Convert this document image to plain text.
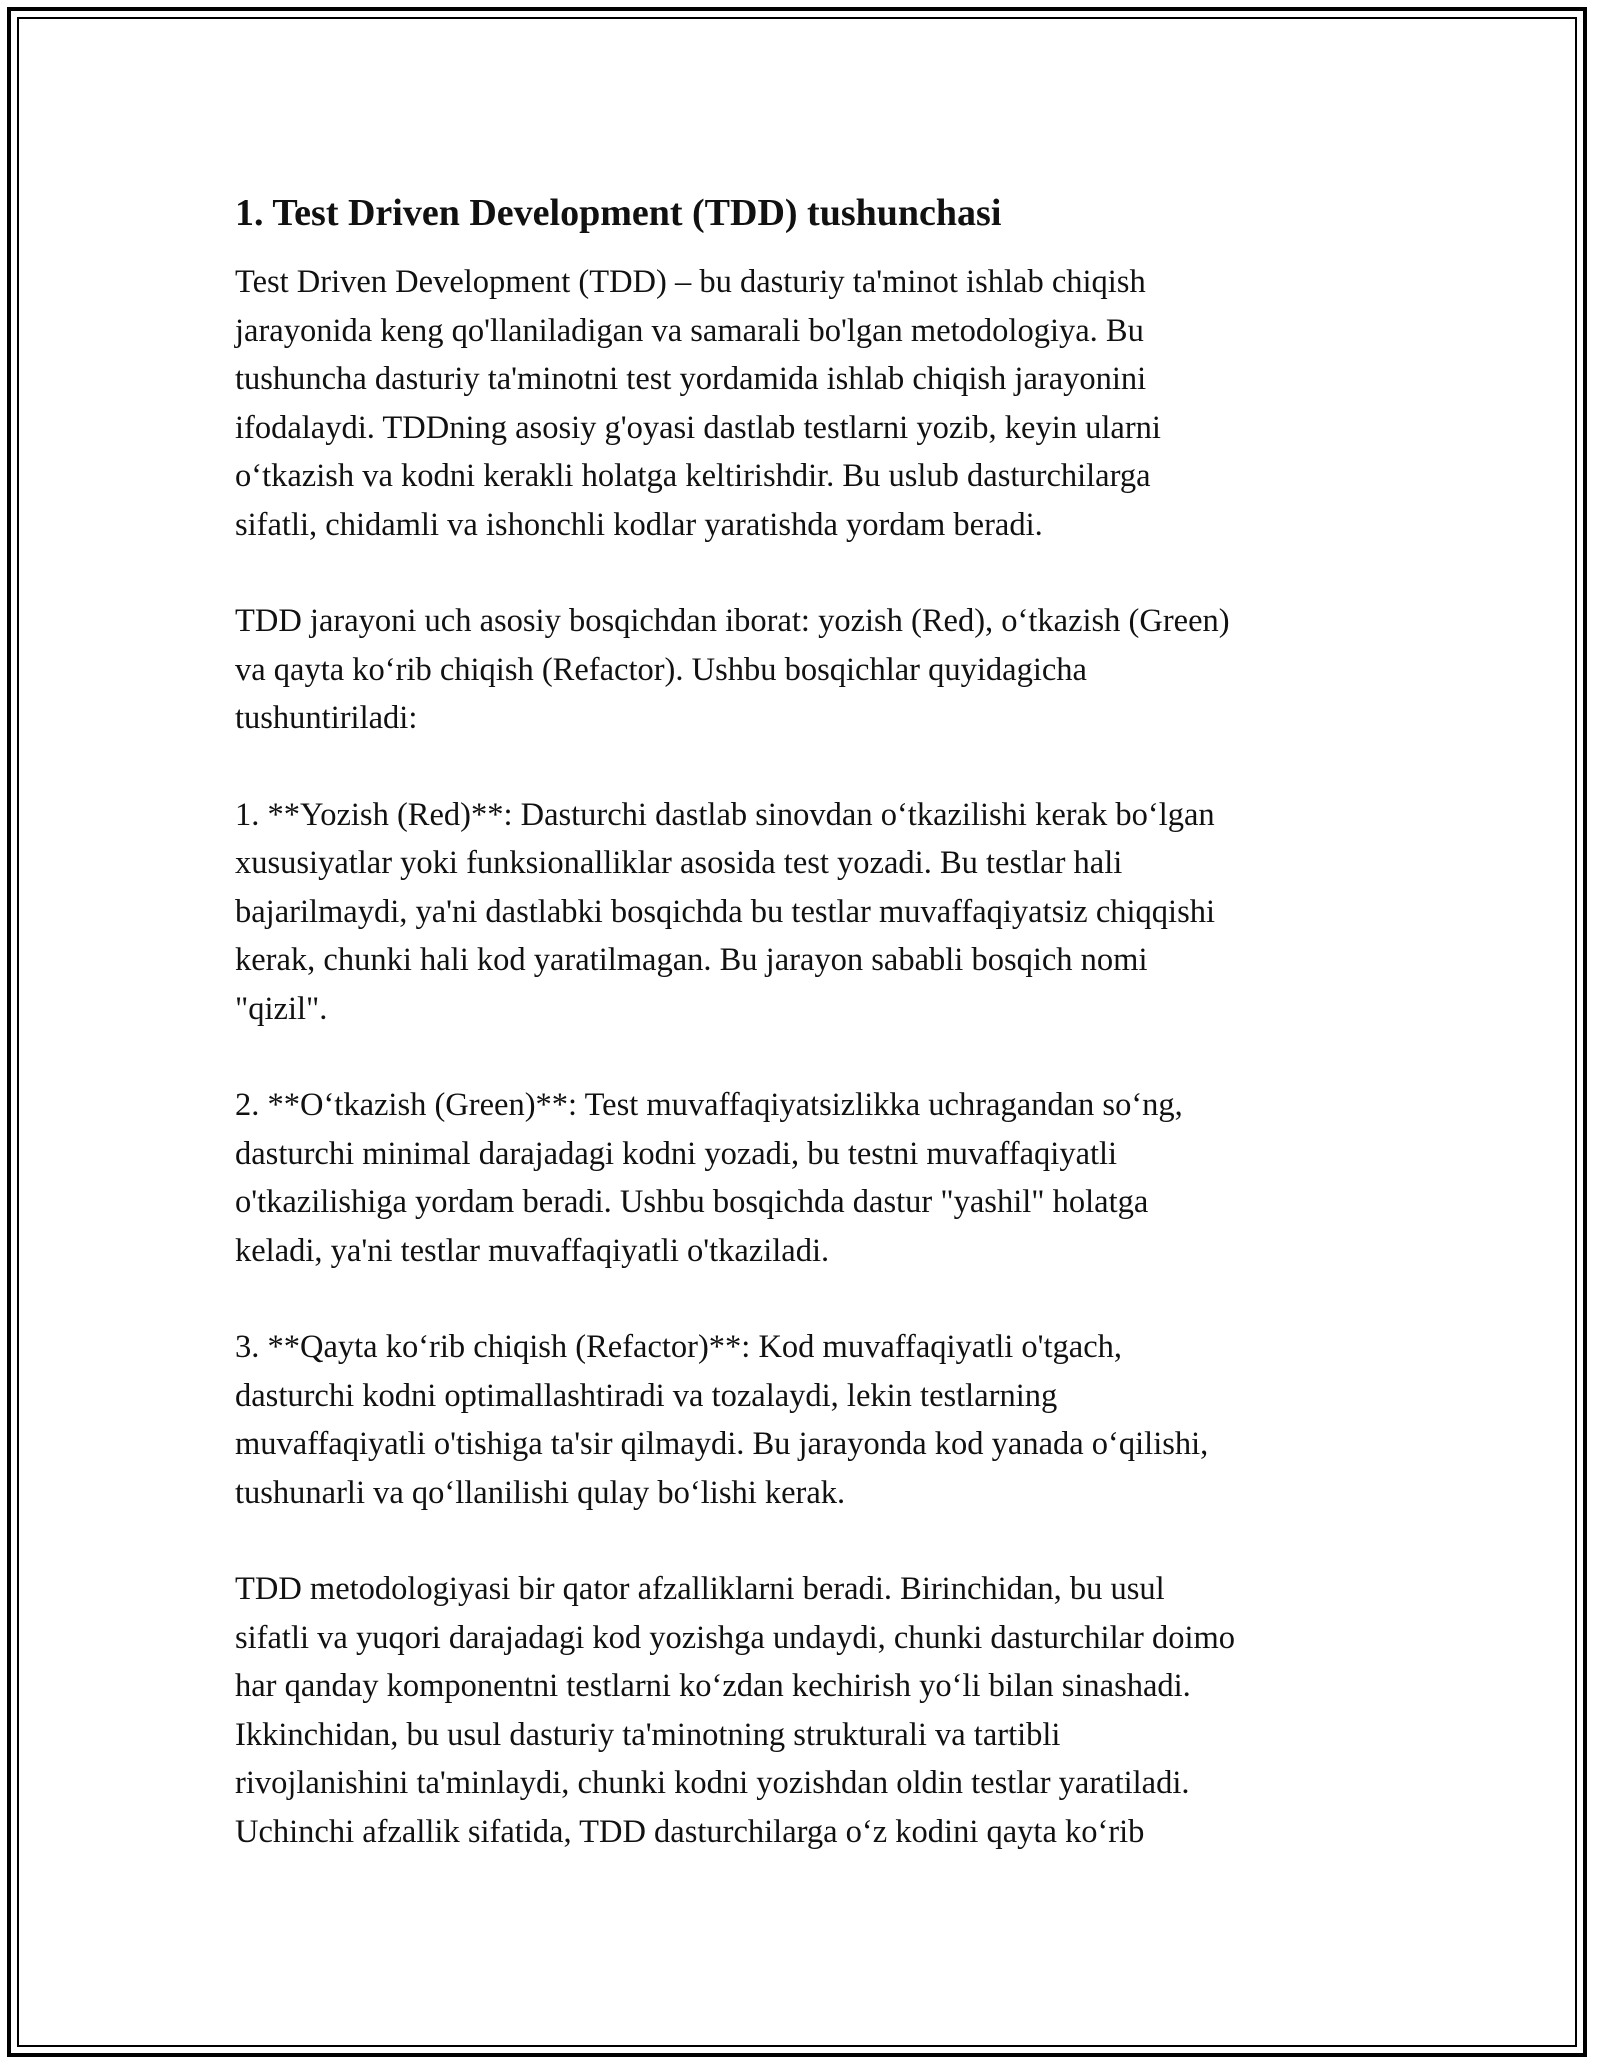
1. Test Driven Development (TDD) tushunchasi

Test Driven Development (TDD) – bu dasturiy ta'minot ishlab chiqish
jarayonida keng qo'llaniladigan va samarali bo'lgan metodologiya. Bu
tushuncha dasturiy ta'minotni test yordamida ishlab chiqish jarayonini
ifodalaydi. TDDning asosiy g'oyasi dastlab testlarni yozib, keyin ularni
o‘tkazish va kodni kerakli holatga keltirishdir. Bu uslub dasturchilarga
sifatli, chidamli va ishonchli kodlar yaratishda yordam beradi.

TDD jarayoni uch asosiy bosqichdan iborat: yozish (Red), o‘tkazish (Green)
va qayta ko‘rib chiqish (Refactor). Ushbu bosqichlar quyidagicha
tushuntiriladi:

1. **Yozish (Red)**: Dasturchi dastlab sinovdan o‘tkazilishi kerak bo‘lgan
xususiyatlar yoki funksionalliklar asosida test yozadi. Bu testlar hali
bajarilmaydi, ya'ni dastlabki bosqichda bu testlar muvaffaqiyatsiz chiqqishi
kerak, chunki hali kod yaratilmagan. Bu jarayon sababli bosqich nomi
"qizil".

2. **O‘tkazish (Green)**: Test muvaffaqiyatsizlikka uchragandan so‘ng,
dasturchi minimal darajadagi kodni yozadi, bu testni muvaffaqiyatli
o'tkazilishiga yordam beradi. Ushbu bosqichda dastur "yashil" holatga
keladi, ya'ni testlar muvaffaqiyatli o'tkaziladi.

3. **Qayta ko‘rib chiqish (Refactor)**: Kod muvaffaqiyatli o'tgach,
dasturchi kodni optimallashtiradi va tozalaydi, lekin testlarning
muvaffaqiyatli o'tishiga ta'sir qilmaydi. Bu jarayonda kod yanada o‘qilishi,
tushunarli va qo‘llanilishi qulay bo‘lishi kerak.

TDD metodologiyasi bir qator afzalliklarni beradi. Birinchidan, bu usul
sifatli va yuqori darajadagi kod yozishga undaydi, chunki dasturchilar doimo
har qanday komponentni testlarni ko‘zdan kechirish yo‘li bilan sinashadi.
Ikkinchidan, bu usul dasturiy ta'minotning strukturali va tartibli
rivojlanishini ta'minlaydi, chunki kodni yozishdan oldin testlar yaratiladi.
Uchinchi afzallik sifatida, TDD dasturchilarga o‘z kodini qayta ko‘rib
